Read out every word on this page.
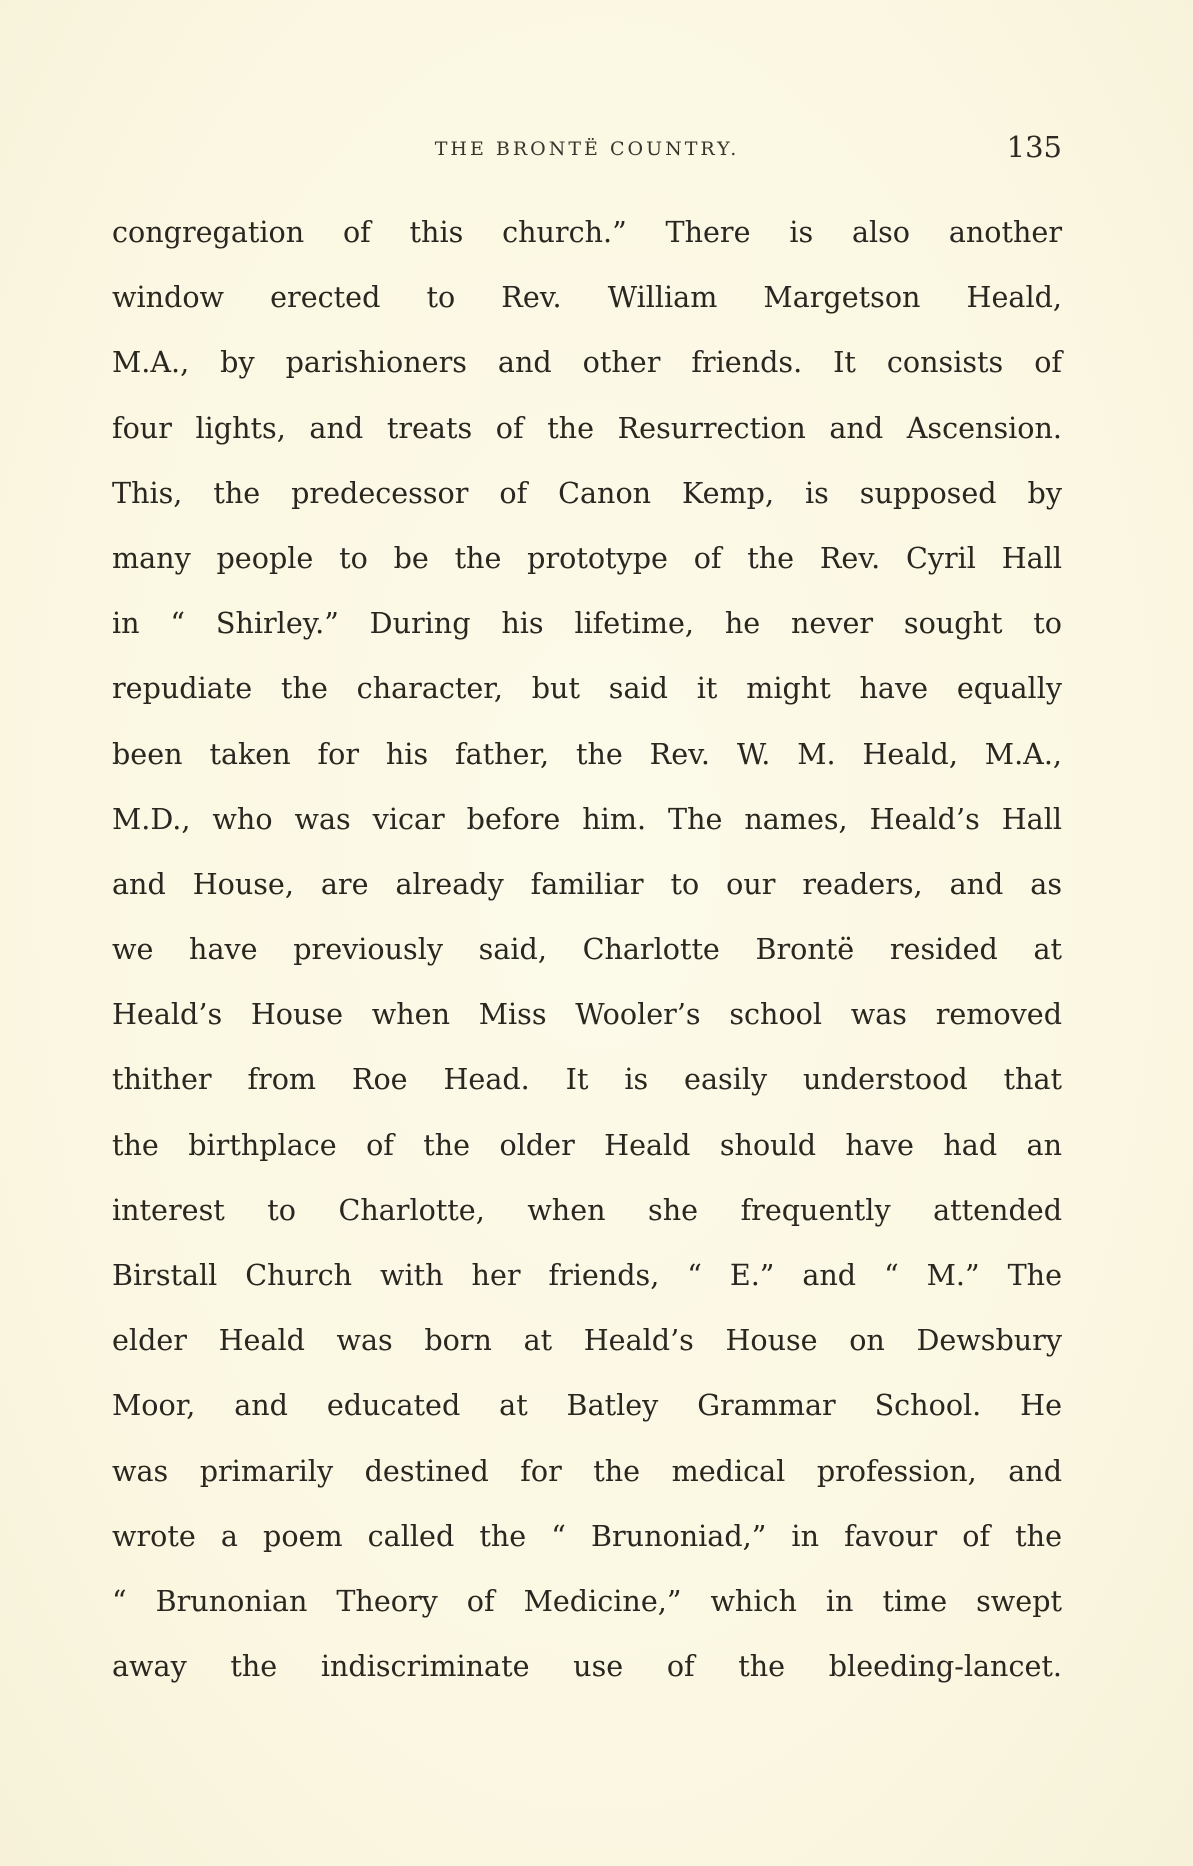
THE BRONTË COUNTRY.	135
congregation of this church.” There is also another
window erected to Rev. William Margetson Heald,
M.A., by parishioners and other friends. It consists of
four lights, and treats of the Resurrection and Ascension.
This, the predecessor of Canon Kemp, is supposed by
many people to be the prototype of the Rev. Cyril Hall
in “ Shirley.” During his lifetime, he never sought to
repudiate the character, but said it might have equally
been taken for his father, the Rev. W. M. Heald, M.A.,
M.D., who was vicar before him. The names, Heald’s Hall
and House, are already familiar to our readers, and as
we have previously said, Charlotte Brontë resided at
Heald’s House when Miss Wooler’s school was removed
thither from Roe Head. It is easily understood that
the birthplace of the older Heald should have had an
interest to Charlotte, when she frequently attended
Birstall Church with her friends, “ E.” and “ M.” The
elder Heald was born at Heald’s House on Dewsbury
Moor, and educated at Batley Grammar School. He
was primarily destined for the medical profession, and
wrote a poem called the “ Brunoniad,” in favour of the
“ Brunonian Theory of Medicine,” which in time swept
away the indiscriminate use of the bleeding-lancet.
